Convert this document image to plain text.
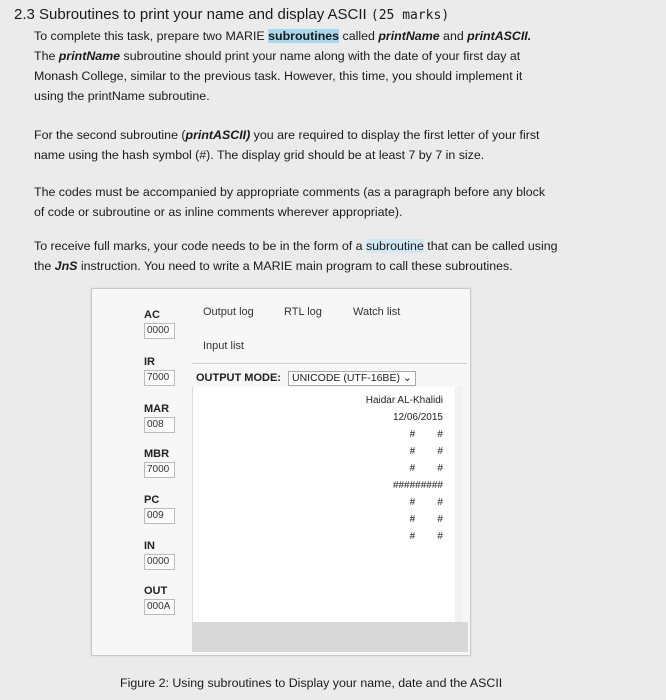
2.3 Subroutines to print your name and display ASCII (25 marks)

To complete this task, prepare two MARIE subroutines called printName and printASCII.

The printName subroutine should print your name along with the date of your first day at

Monash College, similar to the previous task. However, this time, you should implement it

using the printName subroutine.

For the second subroutine (printASCII) you are required to display the first letter of your first

name using the hash symbol (#). The display grid should be at least 7 by 7 in size.

The codes must be accompanied by appropriate comments (as a paragraph before any block

of code or subroutine or as inline comments wherever appropriate).

To receive full marks, your code needs to be in the form of a subroutine that can be called using

the JnS instruction. You need to write a MARIE main program to call these subroutines.

AC
0000
IR
7000
MAR
008
MBR
7000
PC
009
IN
0000
OUT
000A
Output log	RTL log	Watch list
Input list
OUTPUT MODE: UNICODE (UTF-16BE) ⌄
Haidar AL-Khalidi
12/06/2015
#        #
#        #
#        #
#########
#        #
#        #
#        #
Figure 2: Using subroutines to Display your name, date and the ASCII
